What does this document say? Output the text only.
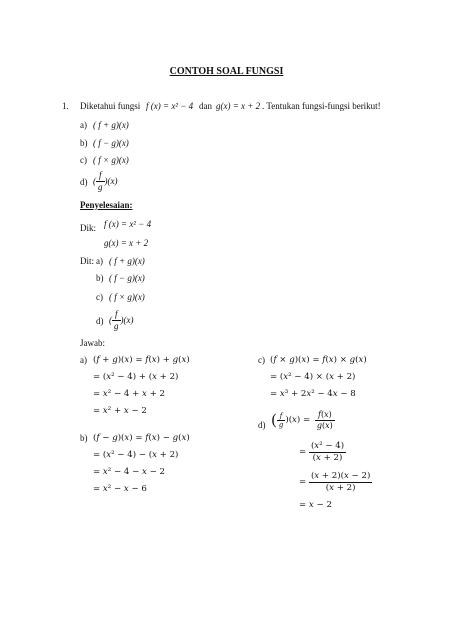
CONTOH SOAL FUNGSI
1. Diketahui fungsi f (x) = x² − 4 dan g(x) = x + 2 . Tentukan fungsi-fungsi berikut!
a) ( f + g)(x)
b) ( f − g)(x)
c) ( f × g)(x)
d) ( $\frac{f}{g} )(x)$
Penyelesaian:
Dik: f (x) = x² − 4
g(x) = x + 2
Dit: a) ( f + g)(x)
b) ( f − g)(x)
c) ( f × g)(x)
d) ( $\frac{f}{g} )(x)$
Jawab:
a) (𝑓 + 𝑔)(𝑥) = 𝑓(𝑥) + 𝑔(𝑥)
= (𝑥² − 4) + (𝑥 + 2)
= 𝑥² − 4 + 𝑥 + 2
= 𝑥² + 𝑥 − 2
b) (𝑓 − 𝑔)(𝑥) = 𝑓(𝑥) − 𝑔(𝑥)
= (𝑥² − 4) − (𝑥 + 2)
= 𝑥² − 4 − 𝑥 − 2
= 𝑥² − 𝑥 − 6
c) (𝑓 × 𝑔)(𝑥) = 𝑓(𝑥) × 𝑔(𝑥)
= (𝑥² − 4) × (𝑥 + 2)
= 𝑥³ + 2𝑥² − 4𝑥 − 8
d) ( $\frac{\text{𝑓}}{\text{𝑔}}$ )(𝑥) = $\frac{\text{𝑓(𝑥)}}{\text{𝑔(𝑥)}}$
= $\frac{\text{(𝑥² − 4)}}{\text{(𝑥 + 2)}}$
= $\frac{\text{(𝑥 + 2)(𝑥 − 2)}}{\text{(𝑥 + 2)}}$
= 𝑥 − 2
